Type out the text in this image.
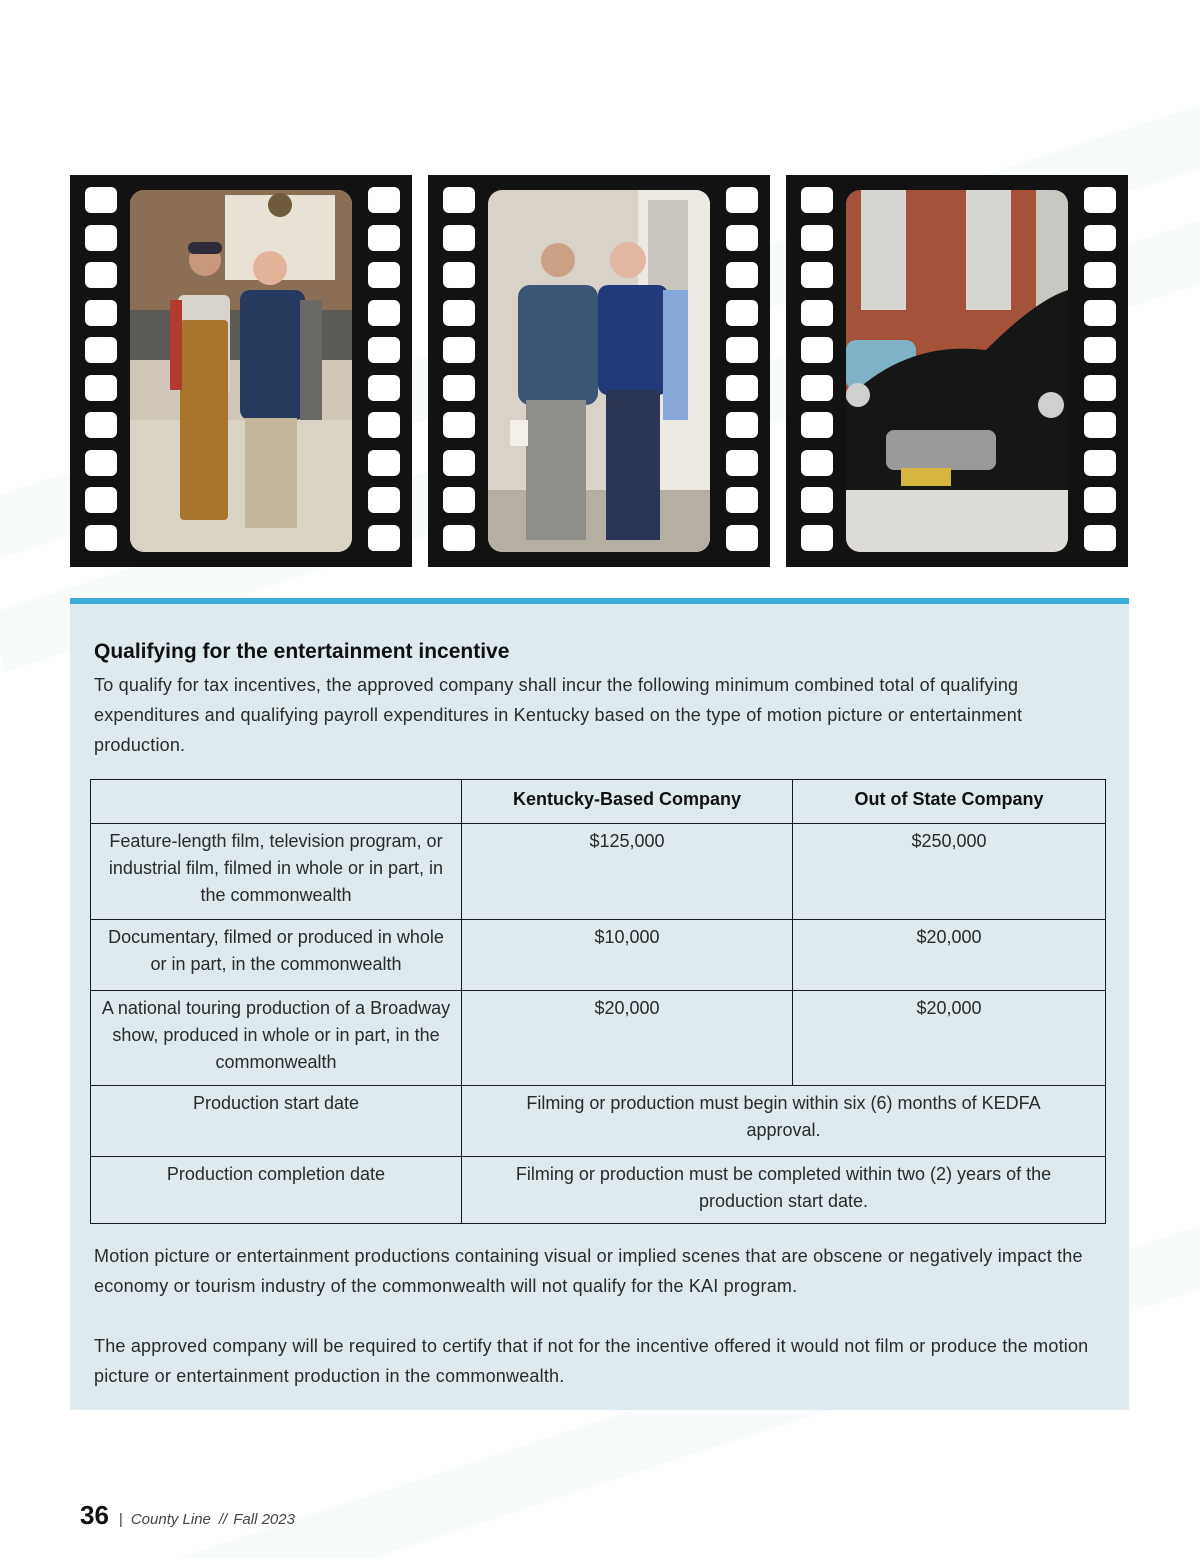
Qualifying for the entertainment incentive
To qualify for tax incentives, the approved company shall incur the following minimum combined total of qualifying expenditures and qualifying payroll expenditures in Kentucky based on the type of motion picture or entertainment production.
	Kentucky-Based Company	Out of State Company
Feature-length film, television program, or industrial film, filmed in whole or in part, in the commonwealth	$125,000	$250,000
Documentary, filmed or produced in whole or in part, in the commonwealth	$10,000	$20,000
A national touring production of a Broadway show, produced in whole or in part, in the commonwealth	$20,000	$20,000
Production start date	Filming or production must begin within six (6) months of KEDFA approval.	
Production completion date	Filming or production must be completed within two (2) years of the production start date.	
Motion picture or entertainment productions containing visual or implied scenes that are obscene or negatively impact the economy or tourism industry of the commonwealth will not qualify for the KAI program.
The approved company will be required to certify that if not for the incentive offered it would not film or produce the motion picture or entertainment production in the commonwealth.
36 | County Line // Fall 2023
